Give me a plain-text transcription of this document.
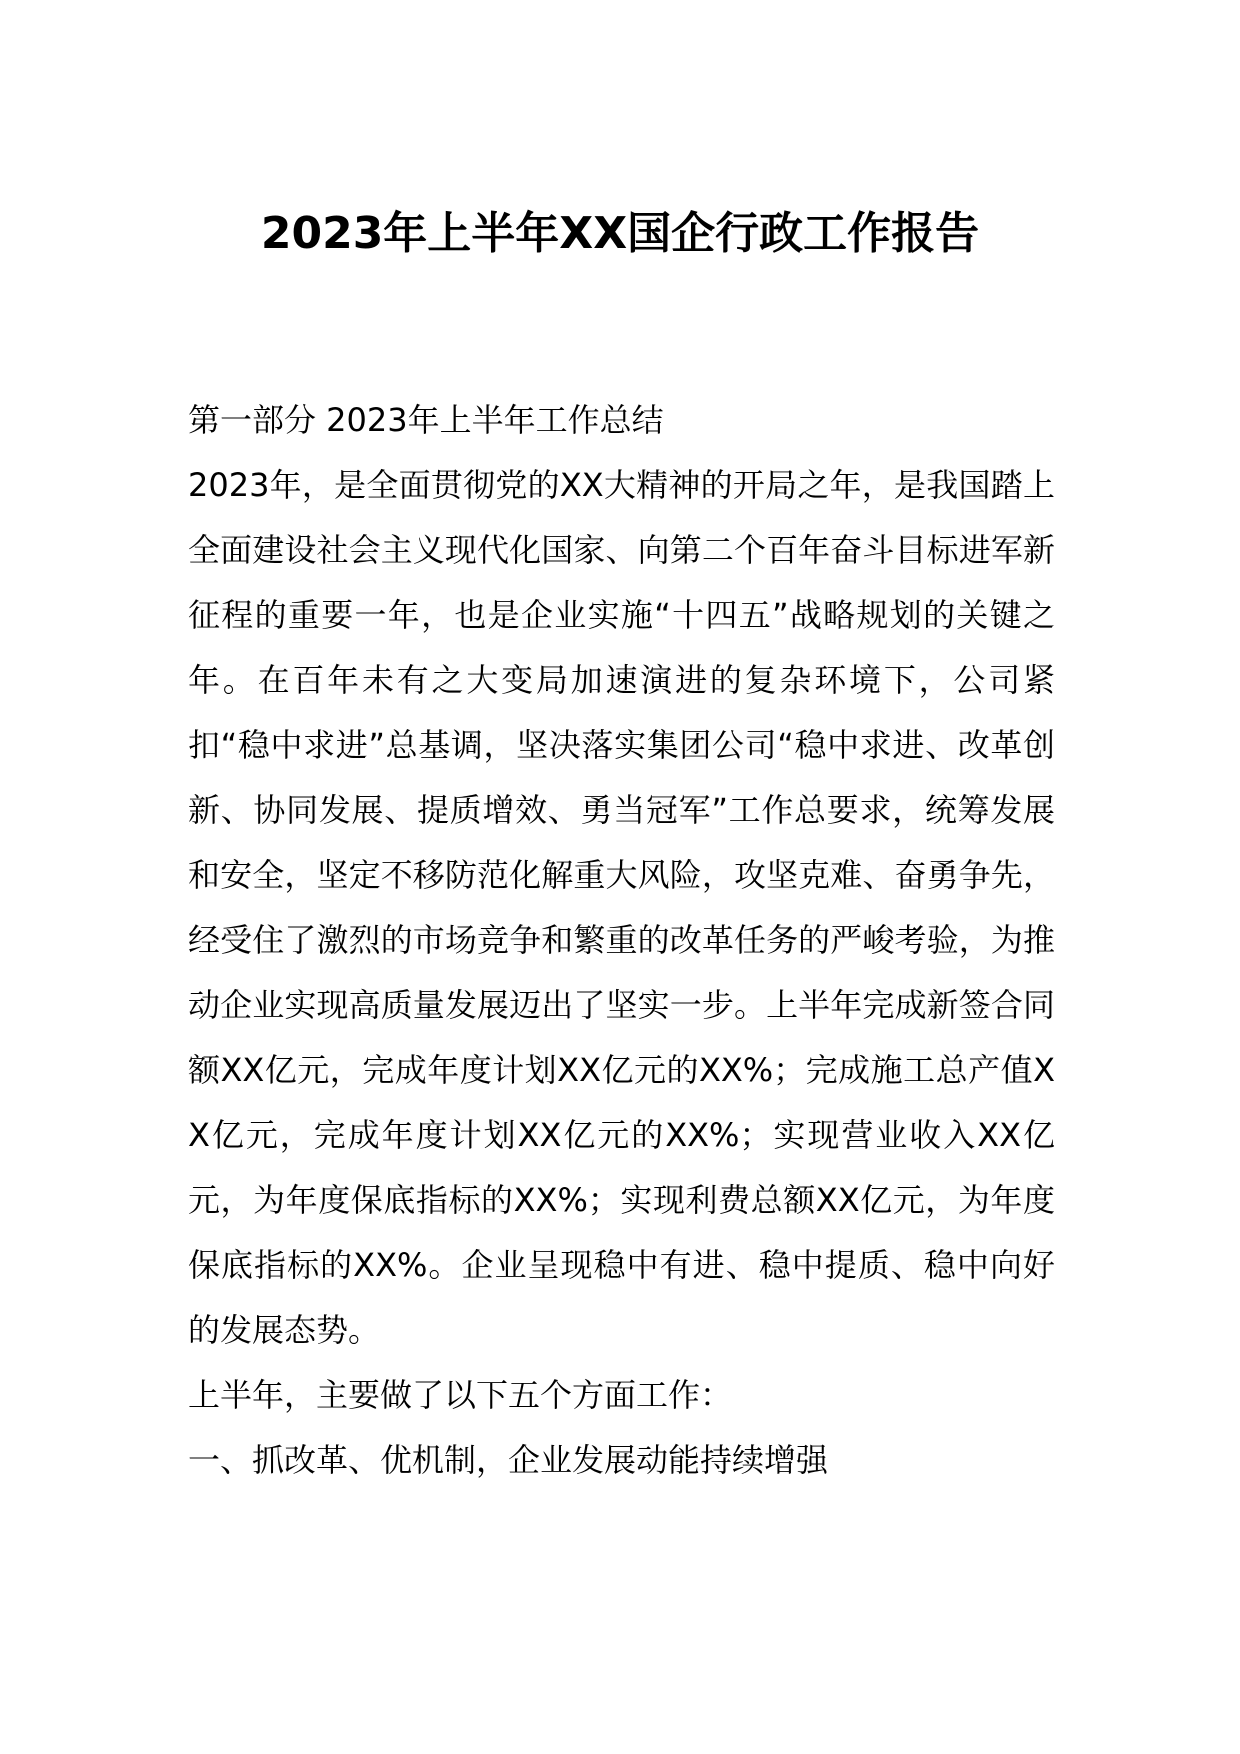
2023年上半年XX国企行政工作报告

第一部分 2023年上半年工作总结

2023年，是全面贯彻党的XX大精神的开局之年，是我国踏上全面建设社会主义现代化国家、向第二个百年奋斗目标进军新征程的重要一年，也是企业实施“十四五”战略规划的关键之年。在百年未有之大变局加速演进的复杂环境下，公司紧扣“稳中求进”总基调，坚决落实集团公司“稳中求进、改革创新、协同发展、提质增效、勇当冠军”工作总要求，统筹发展和安全，坚定不移防范化解重大风险，攻坚克难、奋勇争先，经受住了激烈的市场竞争和繁重的改革任务的严峻考验，为推动企业实现高质量发展迈出了坚实一步。上半年完成新签合同额XX亿元，完成年度计划XX亿元的XX%；完成施工总产值XX亿元，完成年度计划XX亿元的XX%；实现营业收入XX亿元，为年度保底指标的XX%；实现利费总额XX亿元，为年度保底指标的XX%。企业呈现稳中有进、稳中提质、稳中向好的发展态势。

上半年，主要做了以下五个方面工作：

一、抓改革、优机制，企业发展动能持续增强
